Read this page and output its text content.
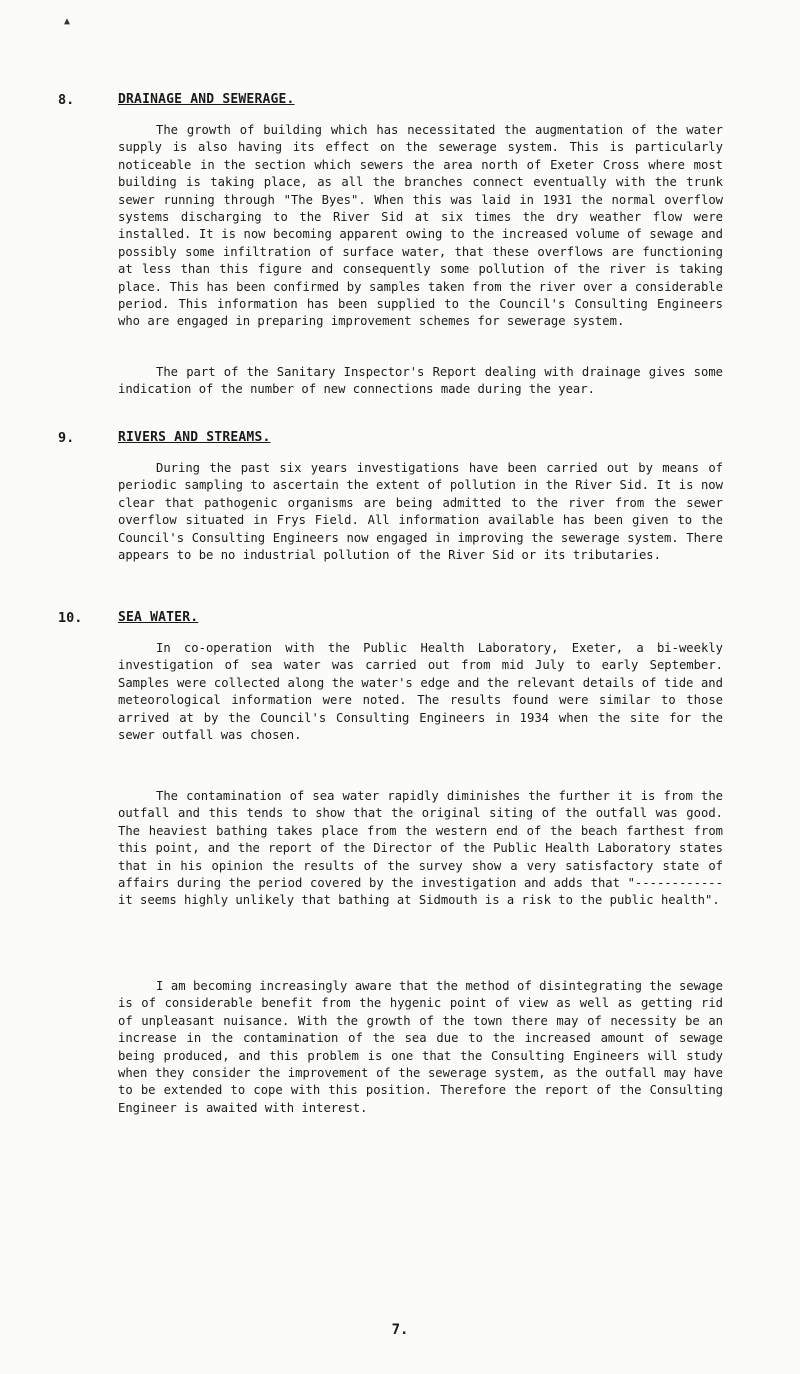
▲
8.	DRAINAGE AND SEWERAGE.

The growth of building which has necessitated the augmentation of the water supply is also having its effect on the sewerage system. This is particularly noticeable in the section which sewers the area north of Exeter Cross where most building is taking place, as all the branches connect eventually with the trunk sewer running through "The Byes". When this was laid in 1931 the normal overflow systems discharging to the River Sid at six times the dry weather flow were installed. It is now becoming apparent owing to the increased volume of sewage and possibly some infiltration of surface water, that these overflows are functioning at less than this figure and consequently some pollution of the river is taking place. This has been confirmed by samples taken from the river over a considerable period. This information has been supplied to the Council's Consulting Engineers who are engaged in preparing improvement schemes for sewerage system.

The part of the Sanitary Inspector's Report dealing with drainage gives some indication of the number of new connections made during the year.

9.	RIVERS AND STREAMS.

During the past six years investigations have been carried out by means of periodic sampling to ascertain the extent of pollution in the River Sid. It is now clear that pathogenic organisms are being admitted to the river from the sewer overflow situated in Frys Field. All information available has been given to the Council's Consulting Engineers now engaged in improving the sewerage system. There appears to be no industrial pollution of the River Sid or its tributaries.

10.	SEA WATER.

In co-operation with the Public Health Laboratory, Exeter, a bi-weekly investigation of sea water was carried out from mid July to early September. Samples were collected along the water's edge and the relevant details of tide and meteorological information were noted. The results found were similar to those arrived at by the Council's Consulting Engineers in 1934 when the site for the sewer outfall was chosen.

The contamination of sea water rapidly diminishes the further it is from the outfall and this tends to show that the original siting of the outfall was good. The heaviest bathing takes place from the western end of the beach farthest from this point, and the report of the Director of the Public Health Laboratory states that in his opinion the results of the survey show a very satisfactory state of affairs during the period covered by the investigation and adds that "------------ it seems highly unlikely that bathing at Sidmouth is a risk to the public health".

I am becoming increasingly aware that the method of disintegrating the sewage is of considerable benefit from the hygenic point of view as well as getting rid of unpleasant nuisance. With the growth of the town there may of necessity be an increase in the contamination of the sea due to the increased amount of sewage being produced, and this problem is one that the Consulting Engineers will study when they consider the improvement of the sewerage system, as the outfall may have to be extended to cope with this position. Therefore the report of the Consulting Engineer is awaited with interest.

7.
